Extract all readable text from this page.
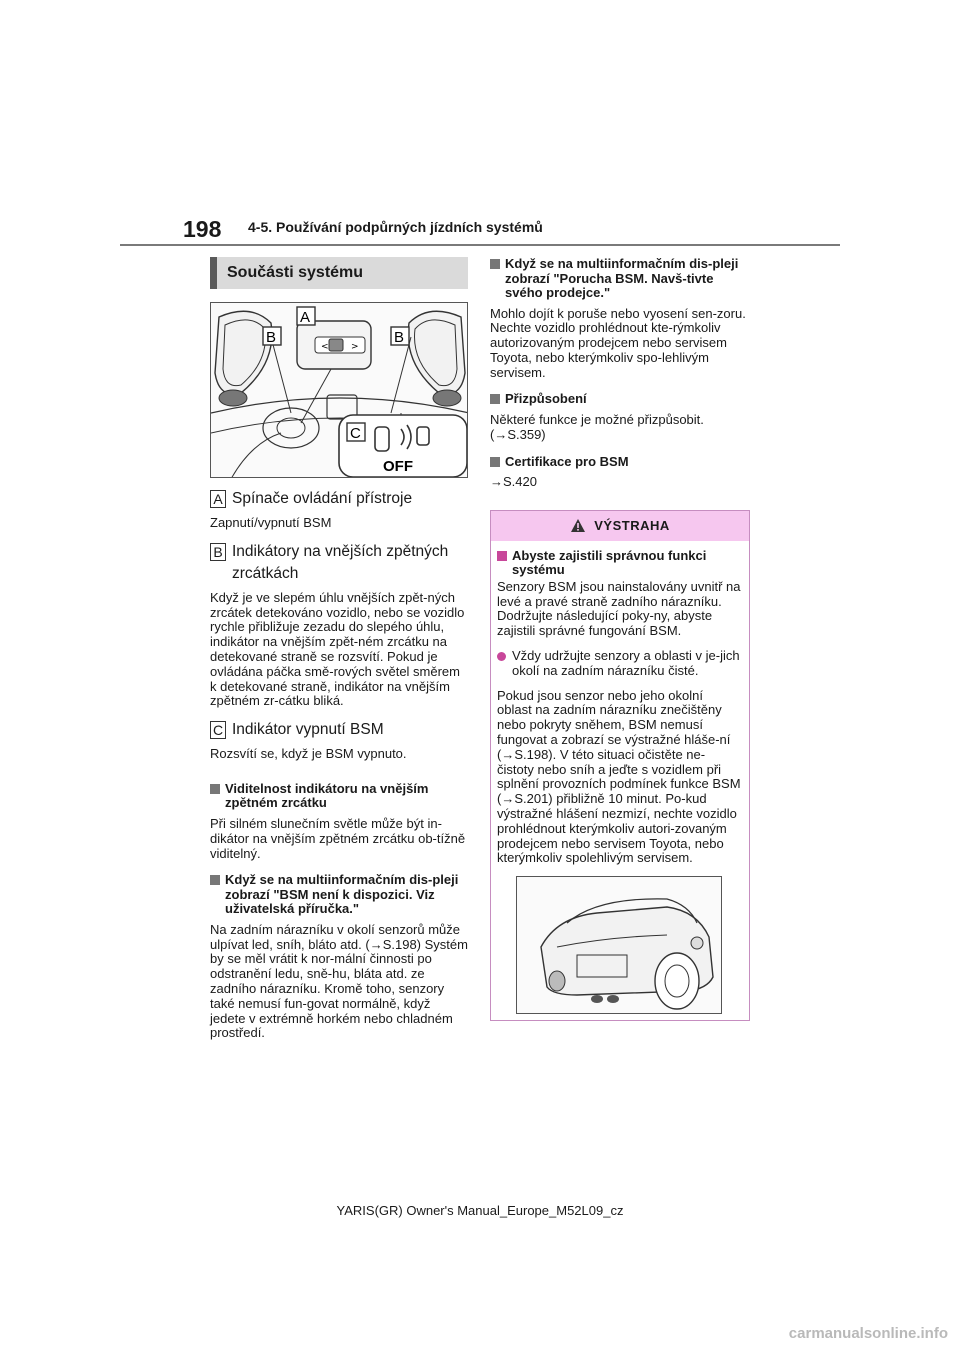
198 4-5. Používání podpůrných jízdních systémů
Součásti systému
< >
A
B	B
C
OFF
A Spínače ovládání přístroje
Zapnutí/vypnutí BSM
B Indikátory na vnějších zpětných
zrcátkách
Když je ve slepém úhlu vnějších zpět-ných zrcátek detekováno vozidlo, nebo se vozidlo rychle přibližuje zezadu do slepého úhlu, indikátor na vnějším zpět-ném zrcátku na detekované straně se rozsvítí. Pokud je ovládána páčka smě-rových světel směrem k detekované straně, indikátor na vnějším zpětném zr-cátku bliká.
C Indikátor vypnutí BSM
Rozsvítí se, když je BSM vypnuto.
Viditelnost indikátoru na vnějším zpětném zrcátku
Při silném slunečním světle může být in-dikátor na vnějším zpětném zrcátku ob-tížně viditelný.
Když se na multiinformačním dis-pleji zobrazí "BSM není k dispozici. Viz uživatelská příručka."
Na zadním nárazníku v okolí senzorů může ulpívat led, sníh, bláto atd. (→S.198) Systém by se měl vrátit k nor-mální činnosti po odstranění ledu, sně-hu, bláta atd. ze zadního nárazníku. Kromě toho, senzory také nemusí fun-govat normálně, když jedete v extrémně horkém nebo chladném prostředí.
Když se na multiinformačním dis-pleji zobrazí "Porucha BSM. Navš-tivte svého prodejce."
Mohlo dojít k poruše nebo vyosení sen-zoru. Nechte vozidlo prohlédnout kte-rýmkoliv autorizovaným prodejcem nebo servisem Toyota, nebo kterýmkoliv spo-lehlivým servisem.
Přizpůsobení
Některé funkce je možné přizpůsobit. (→S.359)
Certifikace pro BSM
→S.420
VÝSTRAHA
Abyste zajistili správnou funkci systému
Senzory BSM jsou nainstalovány uvnitř na levé a pravé straně zadního nárazníku. Dodržujte následující poky-ny, abyste zajistili správné fungování BSM.
Vždy udržujte senzory a oblasti v je-jich okolí na zadním nárazníku čisté.
Pokud jsou senzor nebo jeho okolní oblast na zadním nárazníku znečištěny nebo pokryty sněhem, BSM nemusí fungovat a zobrazí se výstražné hláše-ní (→S.198). V této situaci očistěte ne-čistoty nebo sníh a jeďte s vozidlem při splnění provozních podmínek funkce BSM (→S.201) přibližně 10 minut. Po-kud výstražné hlášení nezmizí, nechte vozidlo prohlédnout kterýmkoliv autori-zovaným prodejcem nebo servisem Toyota, nebo kterýmkoliv spolehlivým servisem.
YARIS(GR) Owner's Manual_Europe_M52L09_cz
carmanualsonline.info
